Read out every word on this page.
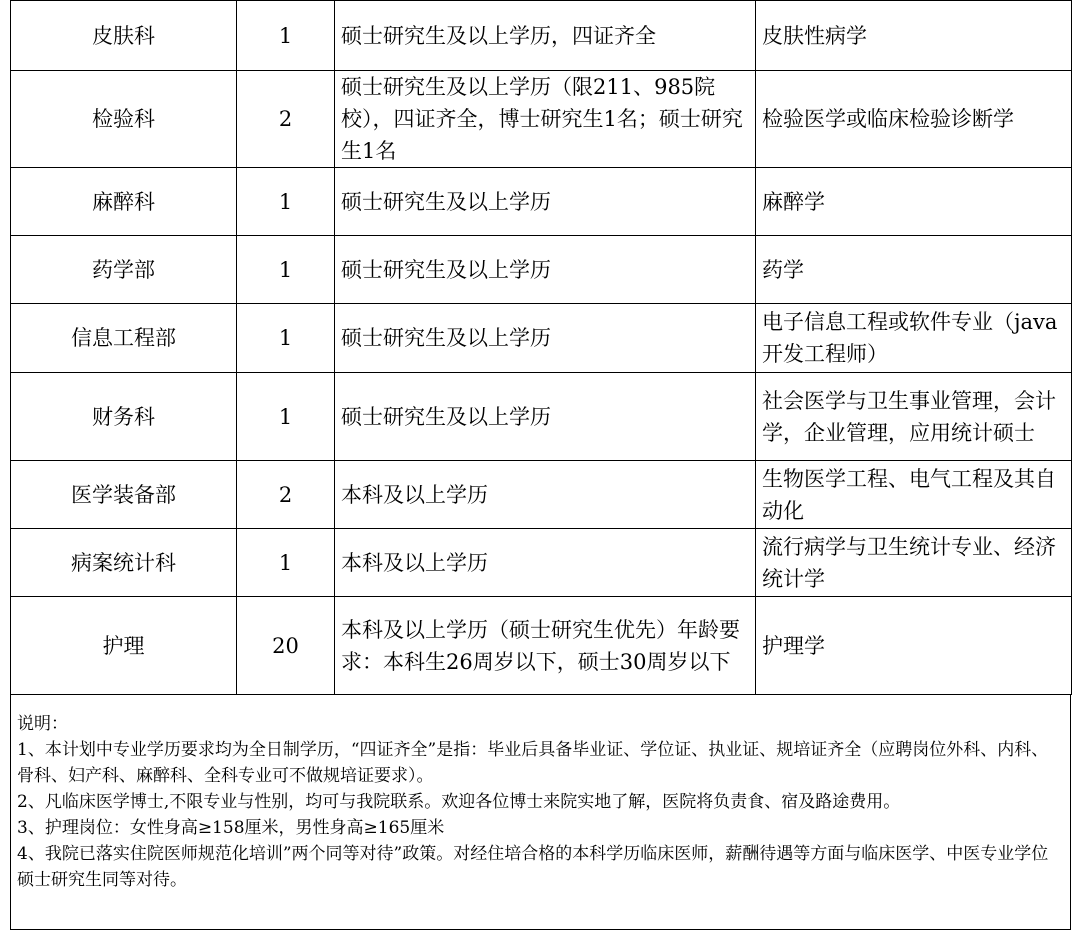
皮肤科	1	硕士研究生及以上学历，四证齐全	皮肤性病学
检验科	2	硕士研究生及以上学历（限211、985院校），四证齐全，博士研究生1名；硕士研究生1名	检验医学或临床检验诊断学
麻醉科	1	硕士研究生及以上学历	麻醉学
药学部	1	硕士研究生及以上学历	药学
信息工程部	1	硕士研究生及以上学历	电子信息工程或软件专业（java开发工程师）
财务科	1	硕士研究生及以上学历	社会医学与卫生事业管理，会计学，企业管理，应用统计硕士
医学装备部	2	本科及以上学历	生物医学工程、电气工程及其自动化
病案统计科	1	本科及以上学历	流行病学与卫生统计专业、经济统计学
护理	20	本科及以上学历（硕士研究生优先）年龄要求：本科生26周岁以下，硕士30周岁以下	护理学
说明：
1、本计划中专业学历要求均为全日制学历，“四证齐全”是指：毕业后具备毕业证、学位证、执业证、规培证齐全（应聘岗位外科、内科、骨科、妇产科、麻醉科、全科专业可不做规培证要求）。
2、凡临床医学博士,不限专业与性别，均可与我院联系。欢迎各位博士来院实地了解，医院将负责食、宿及路途费用。
3、护理岗位：女性身高≥158厘米，男性身高≥165厘米
4、我院已落实住院医师规范化培训”两个同等对待”政策。对经住培合格的本科学历临床医师，薪酬待遇等方面与临床医学、中医专业学位硕士研究生同等对待。
